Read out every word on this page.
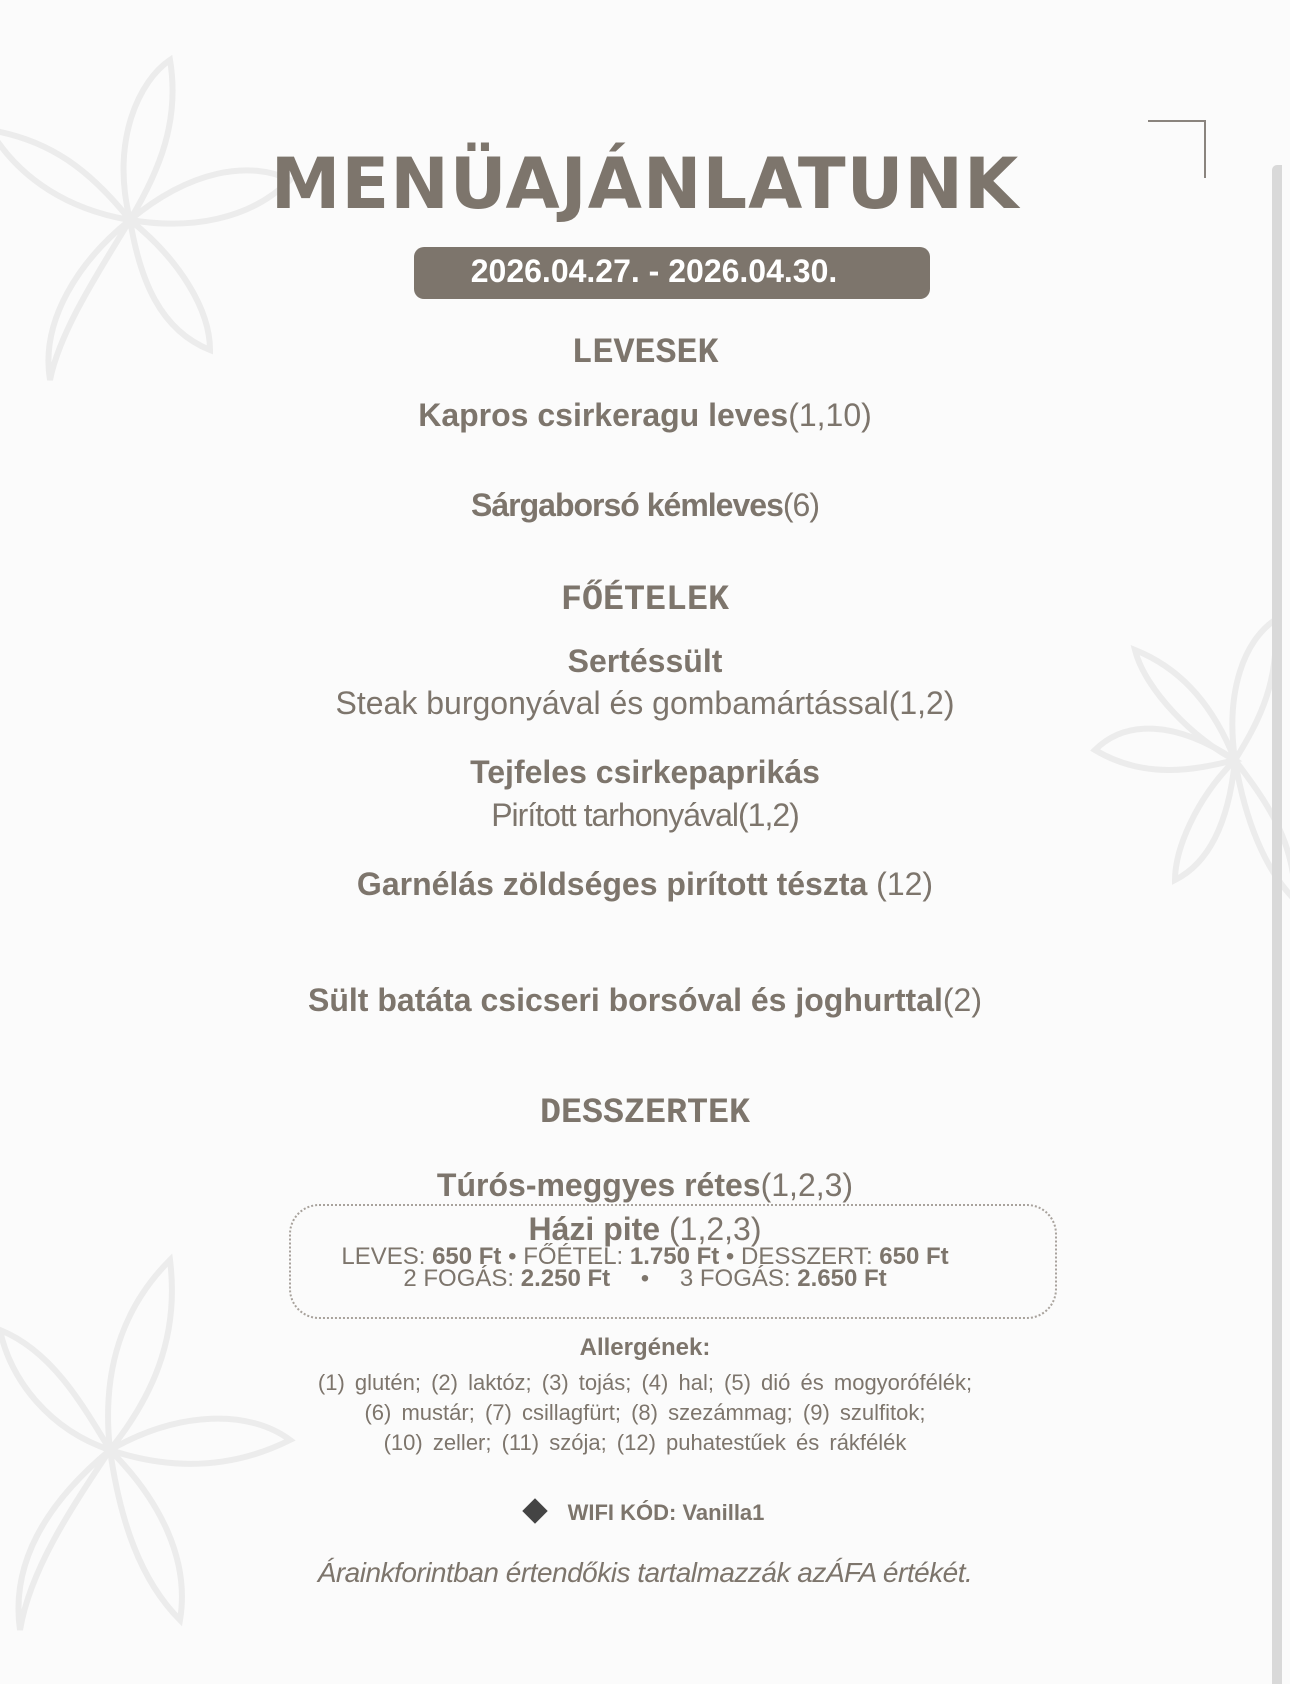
MENÜAJÁNLATUNK
2026.04.27. - 2026.04.30.
LEVESEK
Kapros csirkeragu leves(1,10)
Sárgaborsó kémleves(6)
FŐÉTELEK
Sertéssült
Steak burgonyával és gombamártással(1,2)
Tejfeles csirkepaprikás
Pirított tarhonyával(1,2)
Garnélás zöldséges pirított tészta (12)
Sült batáta csicseri borsóval és joghurttal(2)
DESSZERTEK
Túrós-meggyes rétes(1,2,3)
Házi pite (1,2,3)
LEVES: 650 Ft • FŐÉTEL: 1.750 Ft • DESSZERT: 650 Ft
2 FOGÁS: 2.250 Ft • 3 FOGÁS: 2.650 Ft
Allergének:
(1) glutén; (2) laktóz; (3) tojás; (4) hal; (5) dió és mogyorófélék;
(6) mustár; (7) csillagfürt; (8) szezámmag; (9) szulfitok;
(10) zeller; (11) szója; (12) puhatestűek és rákfélék
WIFI KÓD: Vanilla1
Árainkforintban értendőkis tartalmazzák azÁFA értékét.
